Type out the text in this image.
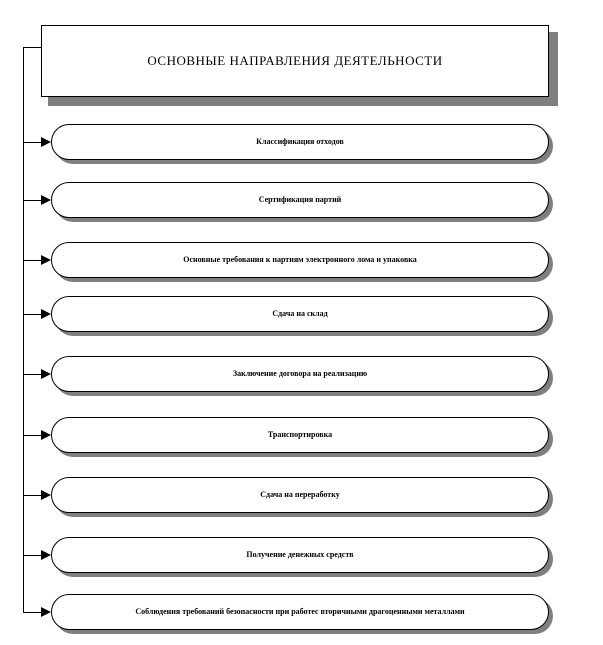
ОСНОВНЫЕ НАПРАВЛЕНИЯ ДЕЯТЕЛЬНОСТИ
Классификация отходов
Сертификация партий
Основные требования к партиям электронного лома и упаковка
Сдача на склад
Заключение договора на реализацию
Транспортировка
Сдача на переработку
Получение денежных средств
Соблюдения требований безопасности при работе с вторичными драгоценными металлами
